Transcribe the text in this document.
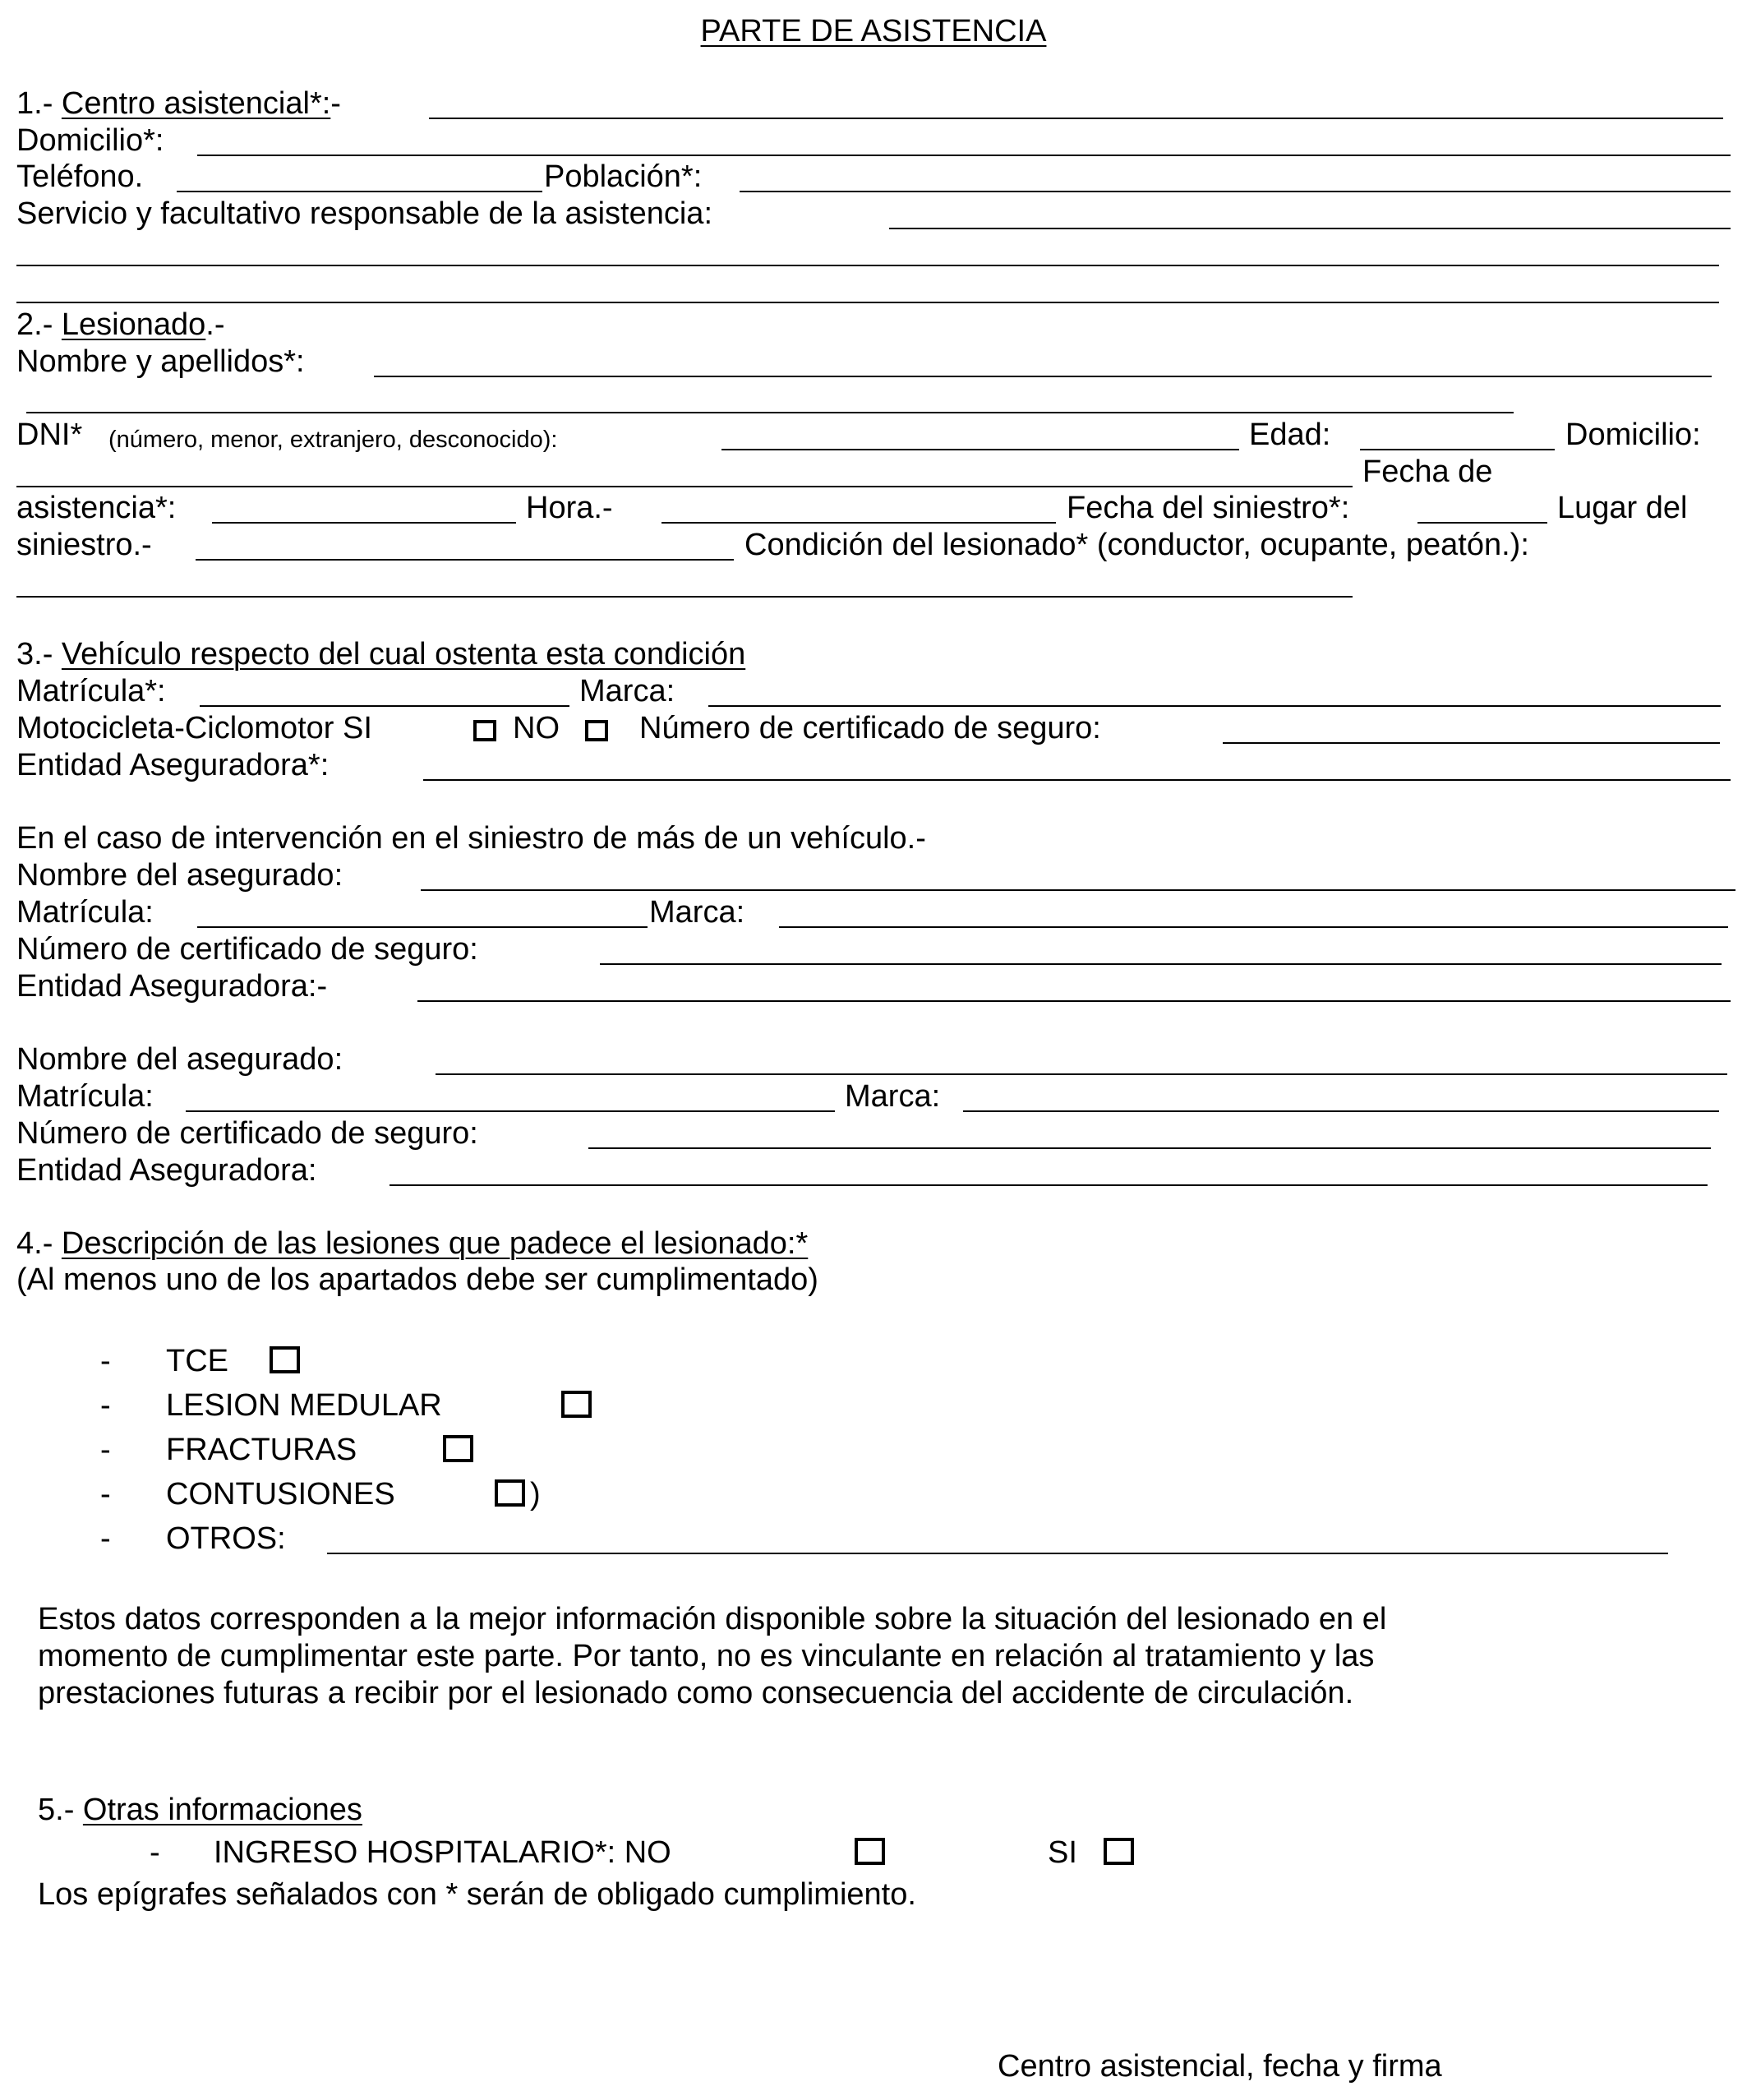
PARTE DE ASISTENCIA
1.- Centro asistencial*:-
Domicilio*:
Teléfono.	Población*:
Servicio y facultativo responsable de la asistencia:
2.- Lesionado.-
Nombre y apellidos*:
DNI* (número, menor, extranjero, desconocido):	Edad:	Domicilio:
Fecha de
asistencia*:	Hora.-	Fecha del siniestro*:	Lugar del
siniestro.-	Condición del lesionado* (conductor, ocupante, peatón.):
3.- Vehículo respecto del cual ostenta esta condición
Matrícula*:	Marca:
Motocicleta-Ciclomotor SI	NO	Número de certificado de seguro:
Entidad Aseguradora*:
En el caso de intervención en el siniestro de más de un vehículo.-
Nombre del asegurado:
Matrícula:	Marca:
Número de certificado de seguro:
Entidad Aseguradora:-
Nombre del asegurado:
Matrícula:	Marca:
Número de certificado de seguro:
Entidad Aseguradora:
4.- Descripción de las lesiones que padece el lesionado:*
(Al menos uno de los apartados debe ser cumplimentado)
- TCE
- LESION MEDULAR
- FRACTURAS
- CONTUSIONES	)
- OTROS:
Estos datos corresponden a la mejor información disponible sobre la situación del lesionado en el
momento de cumplimentar este parte. Por tanto, no es vinculante en relación al tratamiento y las
prestaciones futuras a recibir por el lesionado como consecuencia del accidente de circulación.
5.- Otras informaciones
- INGRESO HOSPITALARIO*: NO	SI
Los epígrafes señalados con * serán de obligado cumplimiento.
Centro asistencial, fecha y firma
